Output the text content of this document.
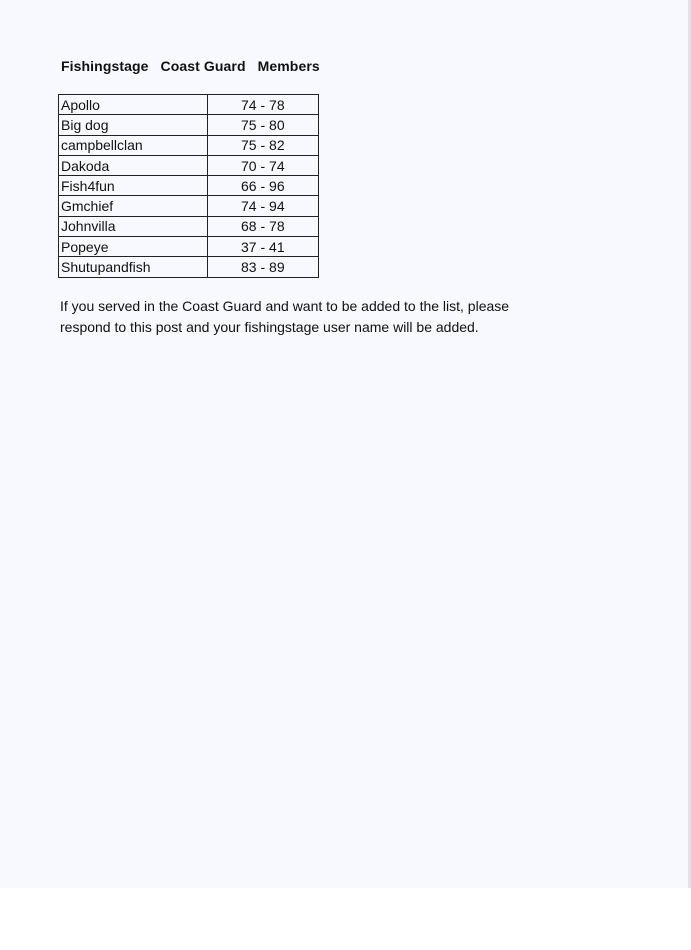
Fishingstage   Coast Guard   Members
Apollo	74 - 78
Big dog	75 - 80
campbellclan	75 - 82
Dakoda	70 - 74
Fish4fun	66 - 96
Gmchief	74 - 94
Johnvilla	68 - 78
Popeye	37 - 41
Shutupandfish	83 - 89
If you served in the Coast Guard and want to be added to the list, please
respond to this post and your fishingstage user name will be added.
